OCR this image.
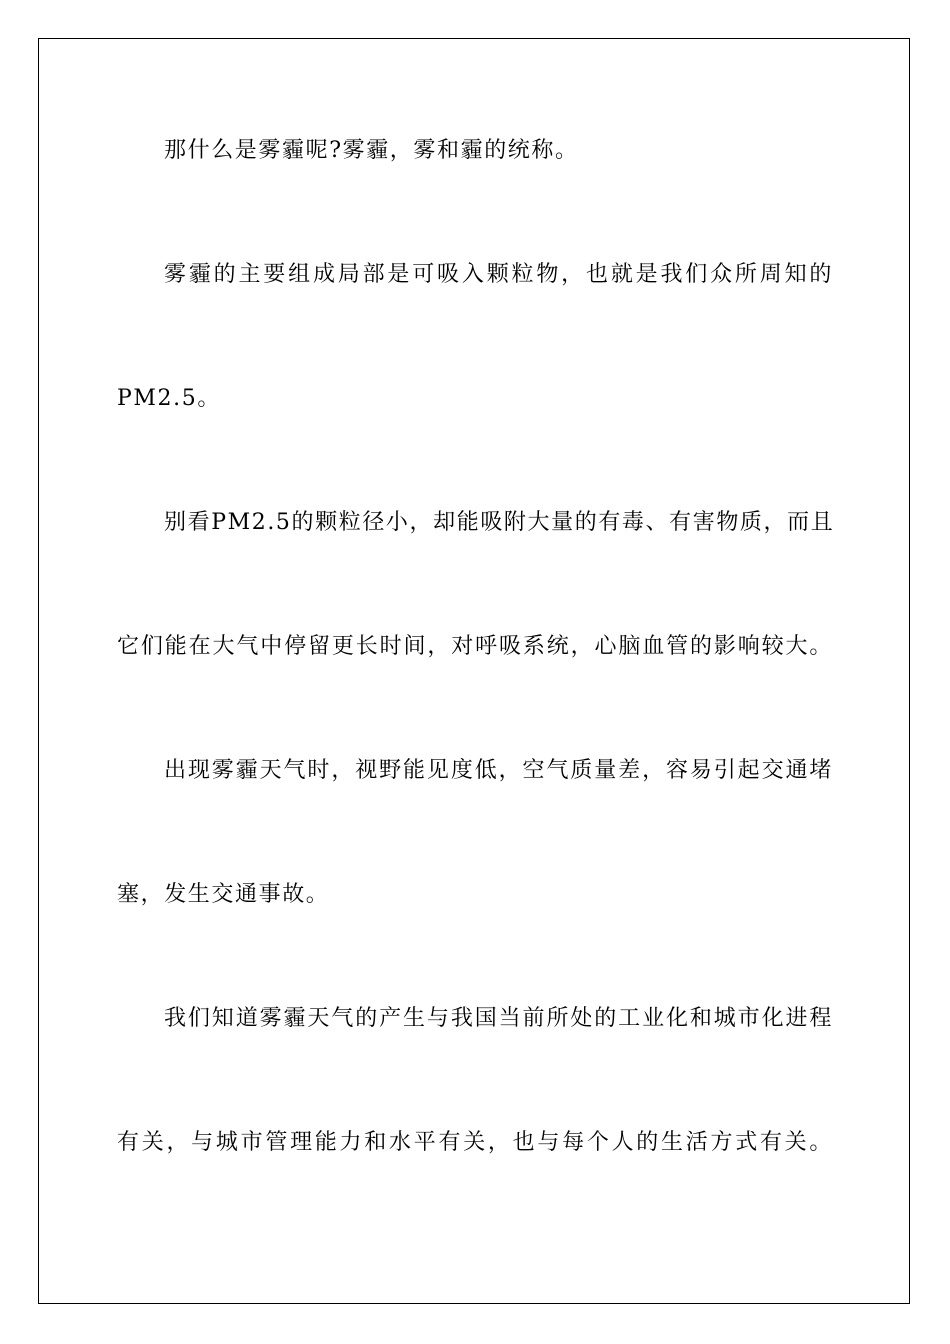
那什么是雾霾呢?雾霾，雾和霾的统称。
雾霾的主要组成局部是可吸入颗粒物，也就是我们众所周知的
PM2.5。
别看PM2.5的颗粒径小，却能吸附大量的有毒、有害物质，而且
它们能在大气中停留更长时间，对呼吸系统，心脑血管的影响较大。
出现雾霾天气时，视野能见度低，空气质量差，容易引起交通堵
塞，发生交通事故。
我们知道雾霾天气的产生与我国当前所处的工业化和城市化进程
有关，与城市管理能力和水平有关，也与每个人的生活方式有关。
